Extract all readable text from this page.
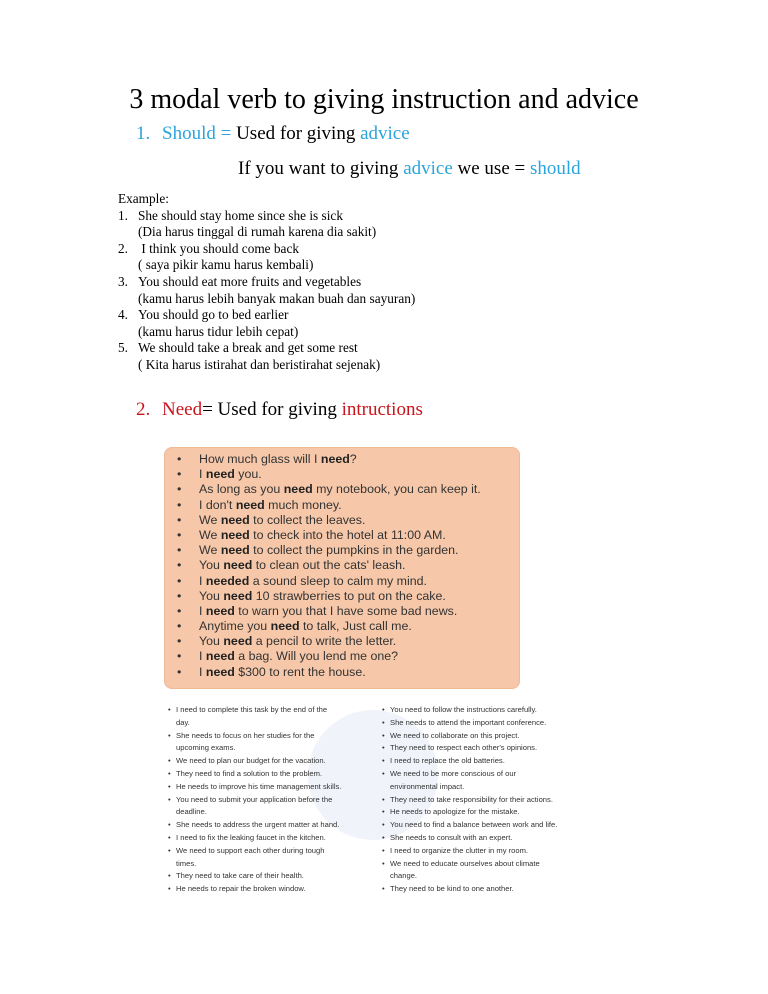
3 modal verb to giving instruction and advice
1. Should = Used for giving advice
If you want to giving advice we use = should
Example:
1. She should stay home since she is sick
(Dia harus tinggal di rumah karena dia sakit)
2. I think you should come back
( saya pikir kamu harus kembali)
3. You should eat more fruits and vegetables
(kamu harus lebih banyak makan buah dan sayuran)
4. You should go to bed earlier
(kamu harus tidur lebih cepat)
5. We should take a break and get some rest
( Kita harus istirahat dan beristirahat sejenak)
2. Need= Used for giving intructions
•	How much glass will I need?
•	I need you.
•	As long as you need my notebook, you can keep it.
•	I don't need much money.
•	We need to collect the leaves.
•	We need to check into the hotel at 11:00 AM.
•	We need to collect the pumpkins in the garden.
•	You need to clean out the cats' leash.
•	I needed a sound sleep to calm my mind.
•	You need 10 strawberries to put on the cake.
•	I need to warn you that I have some bad news.
•	Anytime you need to talk, Just call me.
•	You need a pencil to write the letter.
•	I need a bag. Will you lend me one?
•	I need $300 to rent the house.
• I need to complete this task by the end of the
day.
• She needs to focus on her studies for the
upcoming exams.
• We need to plan our budget for the vacation.
• They need to find a solution to the problem.
• He needs to improve his time management skills.
• You need to submit your application before the
deadline.
• She needs to address the urgent matter at hand.
• I need to fix the leaking faucet in the kitchen.
• We need to support each other during tough
times.
• They need to take care of their health.
• He needs to repair the broken window.
• You need to follow the instructions carefully.
• She needs to attend the important conference.
• We need to collaborate on this project.
• They need to respect each other's opinions.
• I need to replace the old batteries.
• We need to be more conscious of our
environmental impact.
• They need to take responsibility for their actions.
• He needs to apologize for the mistake.
• You need to find a balance between work and life.
• She needs to consult with an expert.
• I need to organize the clutter in my room.
• We need to educate ourselves about climate
change.
• They need to be kind to one another.
